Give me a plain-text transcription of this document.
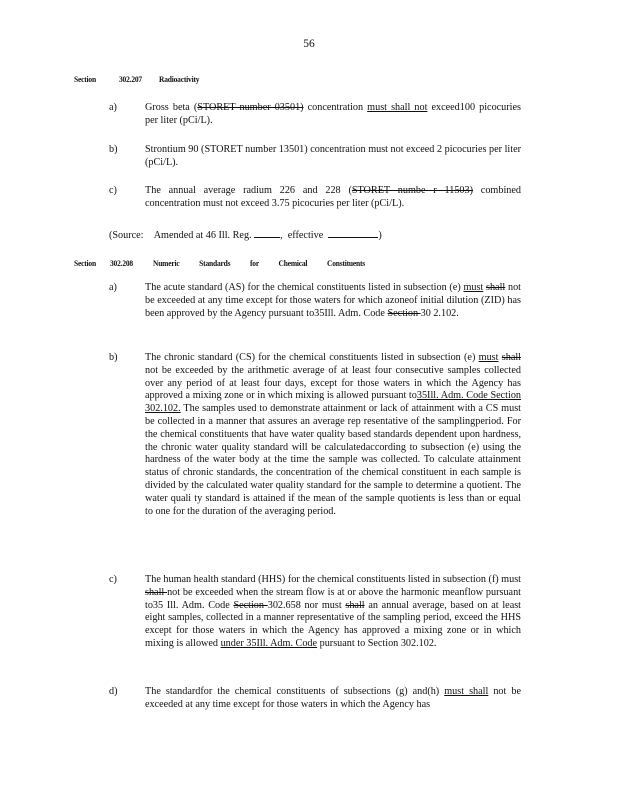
56
Section	302.207 Radioactivity
a)	Gross beta (STORET number 03501) concentration must shall not exceed100 picocuries per liter (pCi/L).
b)	Strontium 90 (STORET number 13501) concentration must not exceed 2 picocuries per liter (pCi/L).
c)	The annual average radium 226 and 228 (STORET numbe r 11503) combined concentration must not exceed 3.75 picocuries per liter (pCi/L).
(Source: Amended at 46 Ill. Reg.	, effective	)
Section 302.208	Numeric Standards for Chemical Constituents
a)	The acute standard (AS) for the chemical constituents listed in subsection (e) must shall not be exceeded at any time except for those waters for which azoneof initial dilution (ZID) has been approved by the Agency pursuant to35Ill. Adm. Code Section 30 2.102.
b)	The chronic standard (CS) for the chemical constituents listed in subsection (e) must shall not be exceeded by the arithmetic average of at least four consecutive samples collected over any period of at least four days, except for those waters in which the Agency has approved a mixing zone or in which mixing is allowed pursuant to35Ill. Adm. Code Section 302.102. The samples used to demonstrate attainment or lack of attainment with a CS must be collected in a manner that assures an average rep resentative of the samplingperiod. For the chemical constituents that have water quality based standards dependent upon hardness, the chronic water quality standard will be calculatedaccording to subsection (e) using the hardness of the water body at the time the sample was collected. To calculate attainment status of chronic standards, the concentration of the chemical constituent in each sample is divided by the calculated water quality standard for the sample to determine a quotient. The water quali ty standard is attained if the mean of the sample quotients is less than or equal to one for the duration of the averaging period.
c)	The human health standard (HHS) for the chemical constituents listed in subsection (f) must shall not be exceeded when the stream flow is at or above the harmonic meanflow pursuant to35 Ill. Adm. Code Section 302.658 nor must shall an annual average, based on at least eight samples, collected in a manner representative of the sampling period, exceed the HHS except for those waters in which the Agency has approved a mixing zone or in which mixing is allowed under 35Ill. Adm. Code pursuant to Section 302.102.
d)	The standardfor the chemical constituents of subsections (g) and(h) must shall not be exceeded at any time except for those waters in which the Agency has
